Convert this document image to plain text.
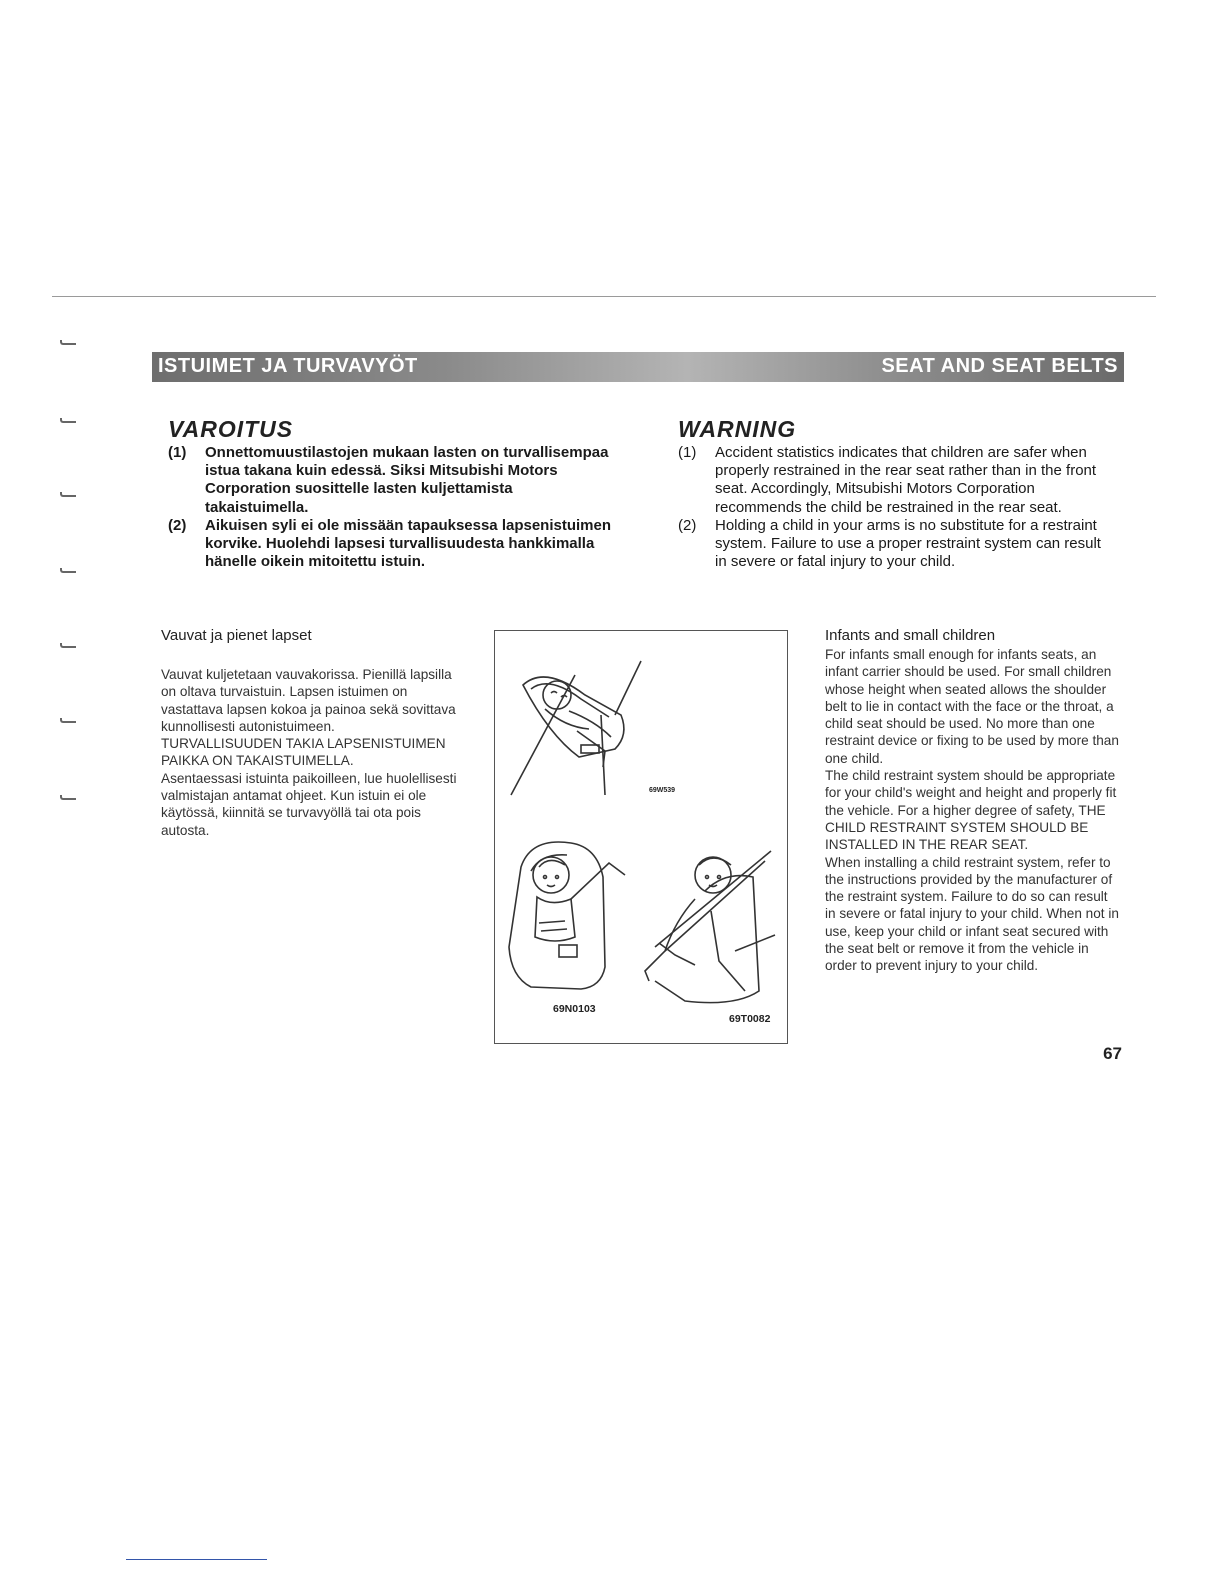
ISTUIMET JA TURVAVYÖT	SEAT AND SEAT BELTS
VAROITUS
(1) Onnettomuustilastojen mukaan lasten on turvallisempaa istua takana kuin edessä. Siksi Mitsubishi Motors Corporation suosittelle lasten kuljettamista takaistuimella.
(2) Aikuisen syli ei ole missään tapauksessa lapsenistuimen korvike. Huolehdi lapsesi turvallisuudesta hankkimalla hänelle oikein mitoitettu istuin.
WARNING
(1) Accident statistics indicates that children are safer when properly restrained in the rear seat rather than in the front seat. Accordingly, Mitsubishi Motors Corporation recommends the child be restrained in the rear seat.
(2) Holding a child in your arms is no substitute for a restraint system. Failure to use a proper restraint system can result in severe or fatal injury to your child.
Vauvat ja pienet lapset

Vauvat kuljetetaan vauvakorissa. Pienillä lapsilla on oltava turvaistuin. Lapsen istuimen on vastattava lapsen kokoa ja painoa sekä sovittava kunnollisesti autonistuimeen. TURVALLISUUDEN TAKIA LAPSENISTUIMEN PAIKKA ON TAKAISTUIMELLA.

Asentaessasi istuinta paikoilleen, lue huolellisesti valmistajan antamat ohjeet. Kun istuin ei ole käytössä, kiinnitä se turvavyöllä tai ota pois autosta.

69W539
69N0103
69T0082
Infants and small children

For infants small enough for infants seats, an infant carrier should be used. For small children whose height when seated allows the shoulder belt to lie in contact with the face or the throat, a child seat should be used. No more than one restraint device or fixing to be used by more than one child.

The child restraint system should be appropriate for your child's weight and height and properly fit the vehicle. For a higher degree of safety, THE CHILD RESTRAINT SYSTEM SHOULD BE INSTALLED IN THE REAR SEAT.

When installing a child restraint system, refer to the instructions provided by the manufacturer of the restraint system. Failure to do so can result in severe or fatal injury to your child. When not in use, keep your child or infant seat secured with the seat belt or remove it from the vehicle in order to prevent injury to your child.

67
